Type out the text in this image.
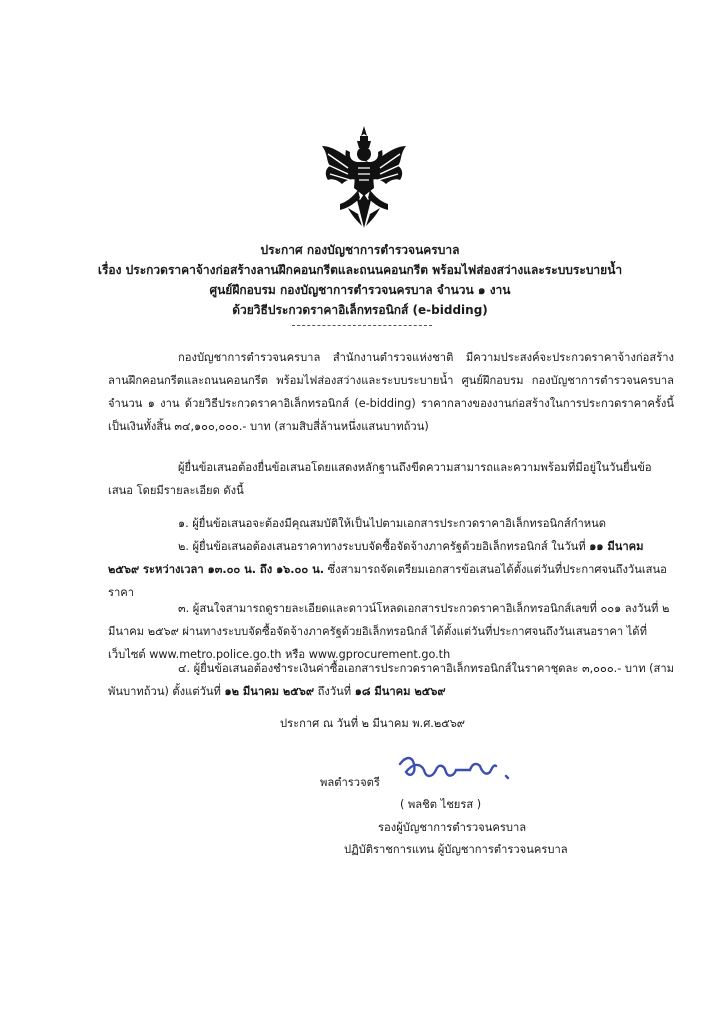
ประกาศ กองบัญชาการตำรวจนครบาล
เรื่อง ประกวดราคาจ้างก่อสร้างลานฝึกคอนกรีตและถนนคอนกรีต พร้อมไฟส่องสว่างและระบบระบายน้ำ
ศูนย์ฝึกอบรม กองบัญชาการตำรวจนครบาล จำนวน ๑ งาน
ด้วยวิธีประกวดราคาอิเล็กทรอนิกส์ (e-bidding)
กองบัญชาการตำรวจนครบาล สำนักงานตำรวจแห่งชาติ มีความประสงค์จะประกวดราคาจ้างก่อสร้างลานฝึกคอนกรีตและถนนคอนกรีต พร้อมไฟส่องสว่างและระบบระบายน้ำ ศูนย์ฝึกอบรม กองบัญชาการตำรวจนครบาล จำนวน ๑ งาน ด้วยวิธีประกวดราคาอิเล็กทรอนิกส์ (e-bidding) ราคากลางของงานก่อสร้างในการประกวดราคาครั้งนี้ เป็นเงินทั้งสิ้น ๓๔,๑๐๐,๐๐๐.- บาท (สามสิบสี่ล้านหนึ่งแสนบาทถ้วน)
ผู้ยื่นข้อเสนอต้องยื่นข้อเสนอโดยแสดงหลักฐานถึงขีดความสามารถและความพร้อมที่มีอยู่ในวันยื่นข้อเสนอ โดยมีรายละเอียด ดังนี้
๑. ผู้ยื่นข้อเสนอจะต้องมีคุณสมบัติให้เป็นไปตามเอกสารประกวดราคาอิเล็กทรอนิกส์กำหนด
๒. ผู้ยื่นข้อเสนอต้องเสนอราคาทางระบบจัดซื้อจัดจ้างภาครัฐด้วยอิเล็กทรอนิกส์ ในวันที่ ๑๑ มีนาคม ๒๕๖๙ ระหว่างเวลา ๑๓.๐๐ น. ถึง ๑๖.๐๐ น. ซึ่งสามารถจัดเตรียมเอกสารข้อเสนอได้ตั้งแต่วันที่ประกาศจนถึงวันเสนอราคา
๓. ผู้สนใจสามารถดูรายละเอียดและดาวน์โหลดเอกสารประกวดราคาอิเล็กทรอนิกส์เลขที่ ๐๐๑ ลงวันที่ ๒ มีนาคม ๒๕๖๙ ผ่านทางระบบจัดซื้อจัดจ้างภาครัฐด้วยอิเล็กทรอนิกส์ ได้ตั้งแต่วันที่ประกาศจนถึงวันเสนอราคา ได้ที่เว็บไซต์ www.metro.police.go.th หรือ www.gprocurement.go.th
๔. ผู้ยื่นข้อเสนอต้องชำระเงินค่าซื้อเอกสารประกวดราคาอิเล็กทรอนิกส์ในราคาชุดละ ๓,๐๐๐.- บาท (สามพันบาทถ้วน) ตั้งแต่วันที่ ๑๒ มีนาคม ๒๕๖๙ ถึงวันที่ ๑๘ มีนาคม ๒๕๖๙
ประกาศ ณ วันที่ ๒ มีนาคม พ.ศ.๒๕๖๙
พลตำรวจตรี
( พลชิต ไชยรส )
รองผู้บัญชาการตำรวจนครบาล
ปฏิบัติราชการแทน ผู้บัญชาการตำรวจนครบาล
